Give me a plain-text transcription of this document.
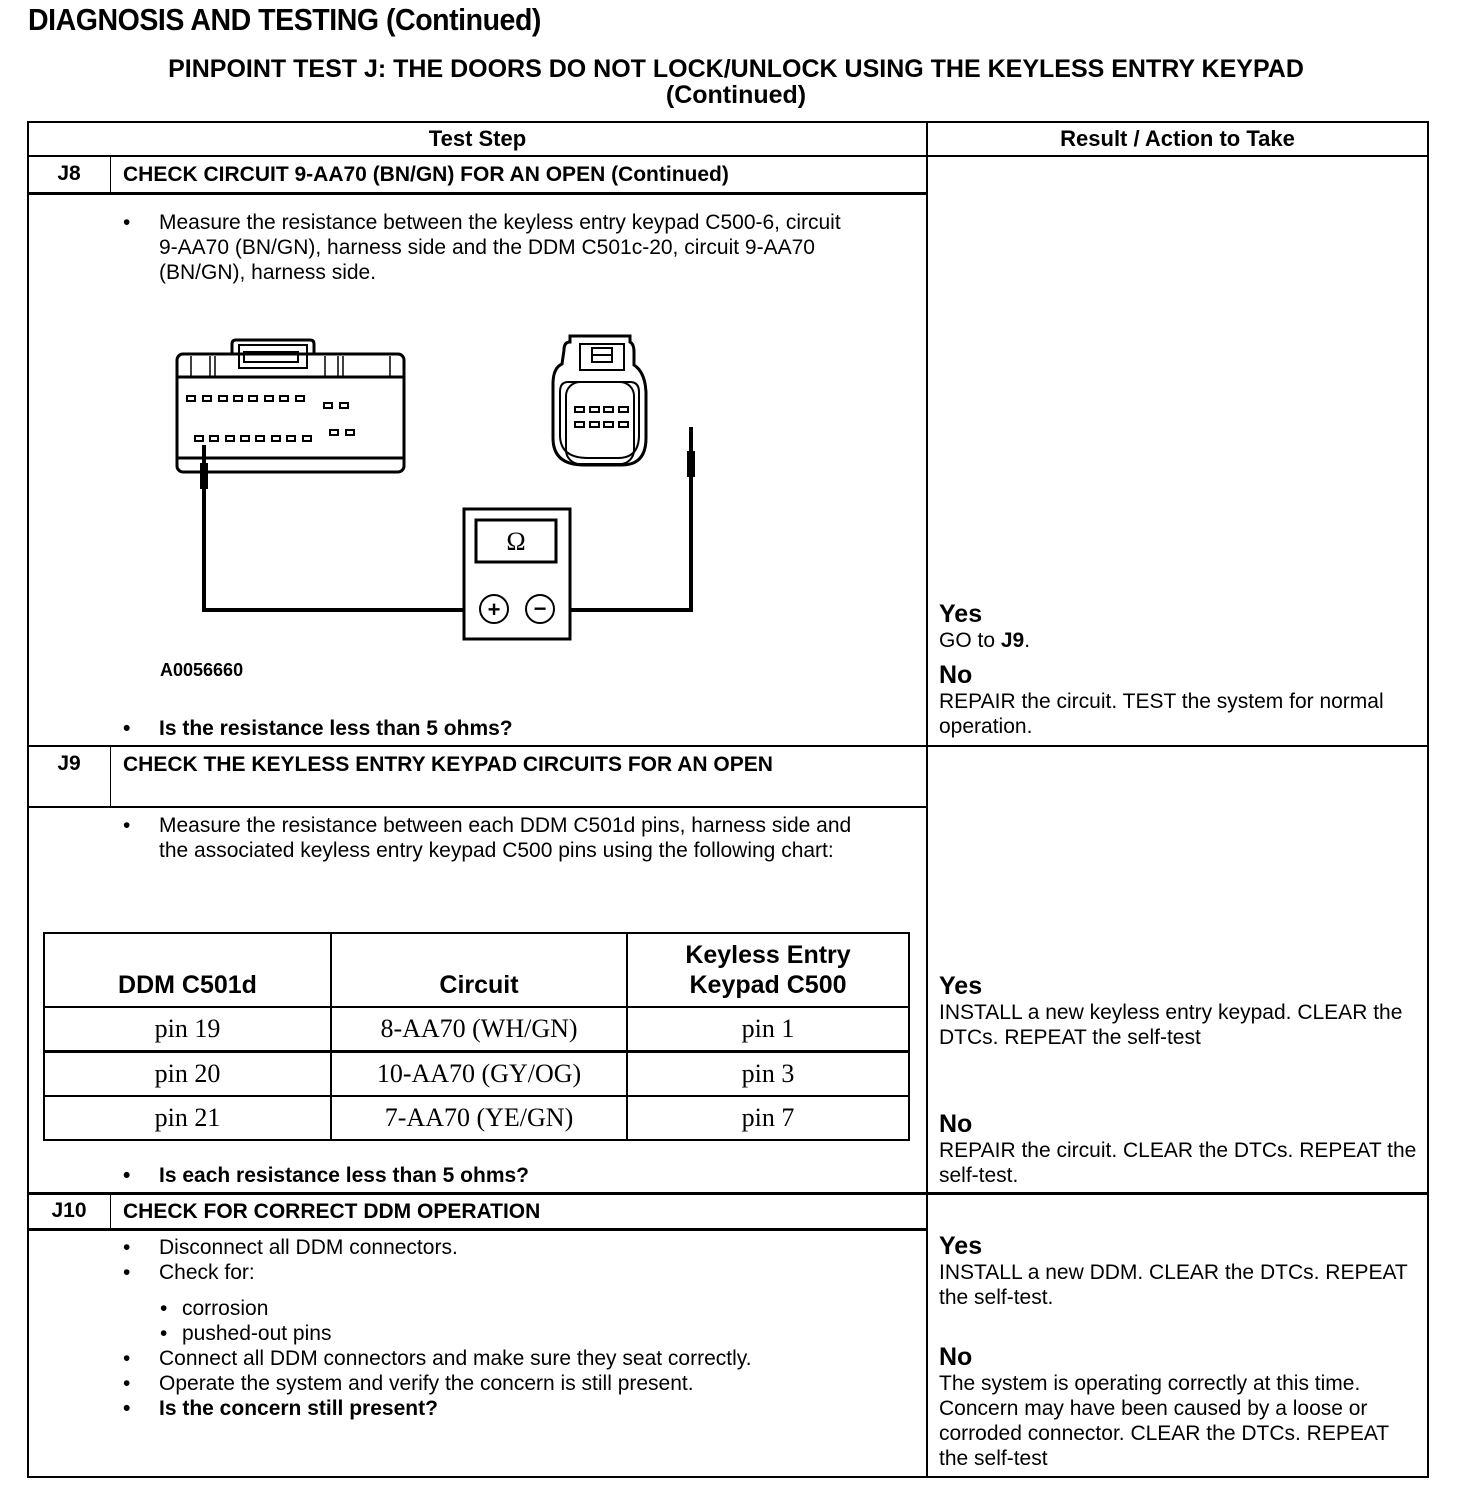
DIAGNOSIS AND TESTING (Continued)
PINPOINT TEST J: THE DOORS DO NOT LOCK/UNLOCK USING THE KEYLESS ENTRY KEYPAD
(Continued)
Test Step	Result / Action to Take
J8	CHECK CIRCUIT 9-AA70 (BN/GN) FOR AN OPEN (Continued)
•	Measure the resistance between the keyless entry keypad C500-6, circuit 9-AA70 (BN/GN), harness side and the DDM C501c-20, circuit 9-AA70 (BN/GN), harness side.
Ω
+ −
A0056660
•	Is the resistance less than 5 ohms?
Yes
GO to J9.
No
REPAIR the circuit. TEST the system for normal operation.
J9	CHECK THE KEYLESS ENTRY KEYPAD CIRCUITS FOR AN OPEN
•	Measure the resistance between each DDM C501d pins, harness side and the associated keyless entry keypad C500 pins using the following chart:
DDM C501d	Circuit	Keyless Entry Keypad C500
pin 19	8-AA70 (WH/GN)	pin 1
pin 20	10-AA70 (GY/OG)	pin 3
pin 21	7-AA70 (YE/GN)	pin 7
•	Is each resistance less than 5 ohms?
Yes
INSTALL a new keyless entry keypad. CLEAR the DTCs. REPEAT the self-test
No
REPAIR the circuit. CLEAR the DTCs. REPEAT the self-test.
J10	CHECK FOR CORRECT DDM OPERATION
•	Disconnect all DDM connectors.
•	Check for:
• corrosion
• pushed-out pins
•	Connect all DDM connectors and make sure they seat correctly.
•	Operate the system and verify the concern is still present.
•	Is the concern still present?
Yes
INSTALL a new DDM. CLEAR the DTCs. REPEAT the self-test.
No
The system is operating correctly at this time. Concern may have been caused by a loose or corroded connector. CLEAR the DTCs. REPEAT the self-test
